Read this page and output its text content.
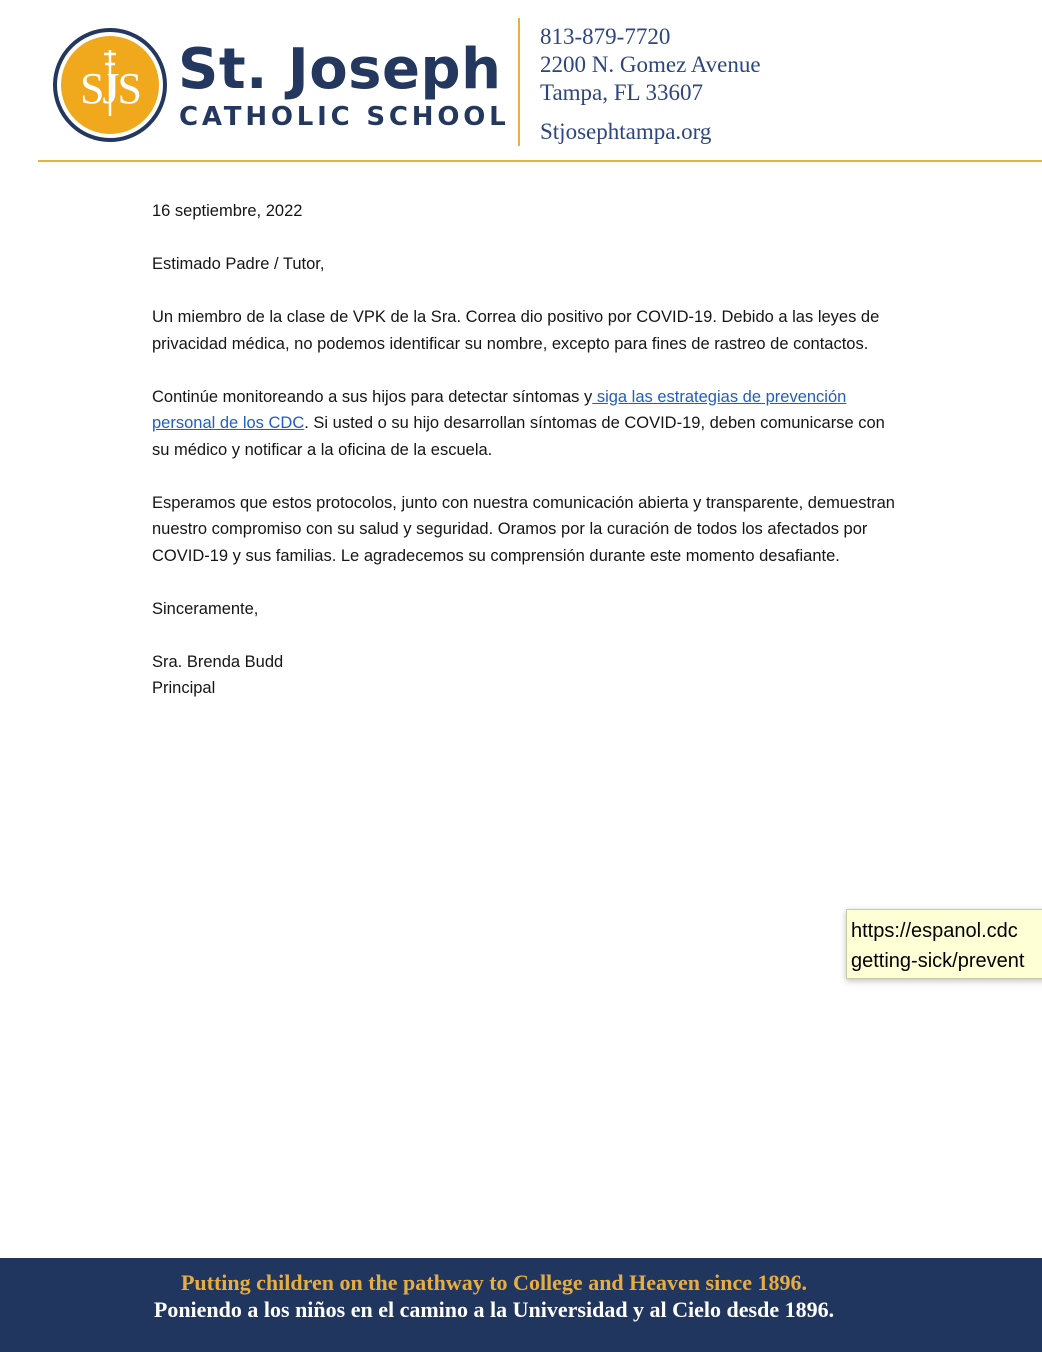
SJS St. Joseph
CATHOLIC SCHOOL
813-879-7720
2200 N. Gomez Avenue
Tampa, FL 33607
Stjosephtampa.org

16 septiembre, 2022

Estimado Padre / Tutor,

Un miembro de la clase de VPK de la Sra. Correa dio positivo por COVID-19. Debido a las leyes de privacidad médica, no podemos identificar su nombre, excepto para fines de rastreo de contactos.

Continúe monitoreando a sus hijos para detectar síntomas y siga las estrategias de prevención personal de los CDC. Si usted o su hijo desarrollan síntomas de COVID-19, deben comunicarse con su médico y notificar a la oficina de la escuela.

Esperamos que estos protocolos, junto con nuestra comunicación abierta y transparente, demuestran nuestro compromiso con su salud y seguridad. Oramos por la curación de todos los afectados por COVID-19 y sus familias. Le agradecemos su comprensión durante este momento desafiante.

Sinceramente,

Sra. Brenda Budd

Principal

https://espanol.cdc
getting-sick/prevent
Putting children on the pathway to College and Heaven since 1896.
Poniendo a los niños en el camino a la Universidad y al Cielo desde 1896.
